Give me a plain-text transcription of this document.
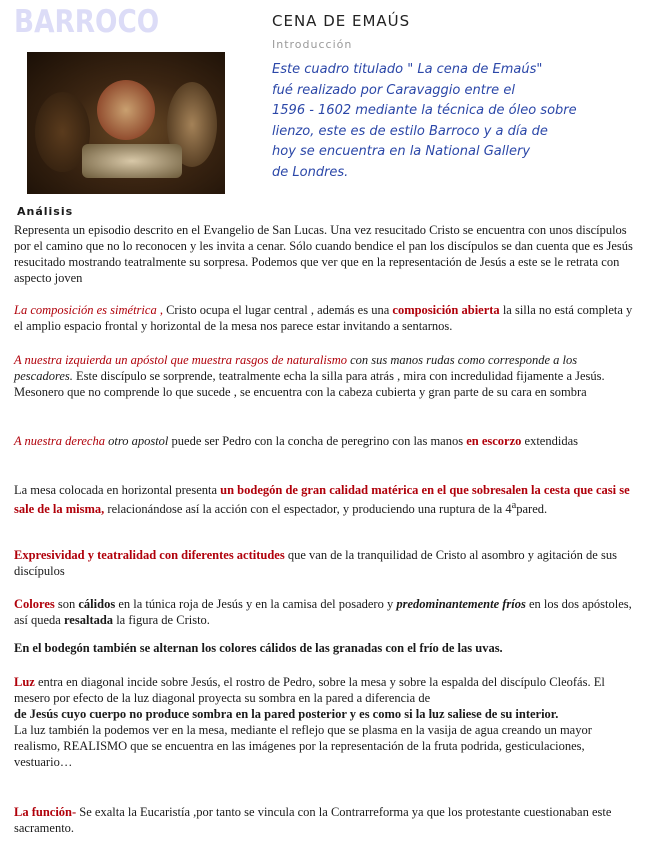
BARROCO	CENA DE EMAÚS
Introducción
Este cuadro titulado " La cena de Emaús"
fué realizado por Caravaggio entre el
1596 - 1602 mediante la técnica de óleo sobre
lienzo, este es de estilo Barroco y a día de
hoy se encuentra en la National Gallery
de Londres.
Análisis

Representa un episodio descrito en el Evangelio de San Lucas. Una vez resucitado Cristo se encuentra con unos discípulos por el camino que no lo reconocen y les invita a cenar. Sólo cuando bendice el pan los discípulos se dan cuenta que es Jesús resucitado mostrando teatralmente su sorpresa. Podemos que ver que en la representación de Jesús a este se le retrata con aspecto joven

La composición es simétrica , Cristo ocupa el lugar central , además es una composición abierta la silla no está completa y el amplio espacio frontal y horizontal de la mesa nos parece estar invitando a sentarnos.

A nuestra izquierda un apóstol que muestra rasgos de naturalismo con sus manos rudas como corresponde a los pescadores. Este discípulo se sorprende, teatralmente echa la silla para atrás , mira con incredulidad fijamente a Jesús. Mesonero que no comprende lo que sucede , se encuentra con la cabeza cubierta y gran parte de su cara en sombra

A nuestra derecha otro apostol puede ser Pedro con la concha de peregrino con las manos en escorzo extendidas

La mesa colocada en horizontal presenta un bodegón de gran calidad matérica en el que sobresalen la cesta que casi se sale de la misma, relacionándose así la acción con el espectador, y produciendo una ruptura de la 4$^a$pared.

Expresividad y teatralidad con diferentes actitudes que van de la tranquilidad de Cristo al asombro y agitación de sus discípulos

Colores son cálidos en la túnica roja de Jesús y en la camisa del posadero y predominantemente fríos en los dos apóstoles, así queda resaltada la figura de Cristo.

En el bodegón también se alternan los colores cálidos de las granadas con el frío de las uvas.

Luz entra en diagonal incide sobre Jesús, el rostro de Pedro, sobre la mesa y sobre la espalda del discípulo Cleofás. El mesero por efecto de la luz diagonal proyecta su sombra en la pared a diferencia de
de Jesús cuyo cuerpo no produce sombra en la pared posterior y es como si la luz saliese de su interior.
La luz también la podemos ver en la mesa, mediante el reflejo que se plasma en la vasija de agua creando un mayor realismo, REALISMO que se encuentra en las imágenes por la representación de la fruta podrida, gesticulaciones, vestuario…

La función- Se exalta la Eucaristía ,por tanto se vincula con la Contrarreforma ya que los protestante cuestionaban este sacramento.
